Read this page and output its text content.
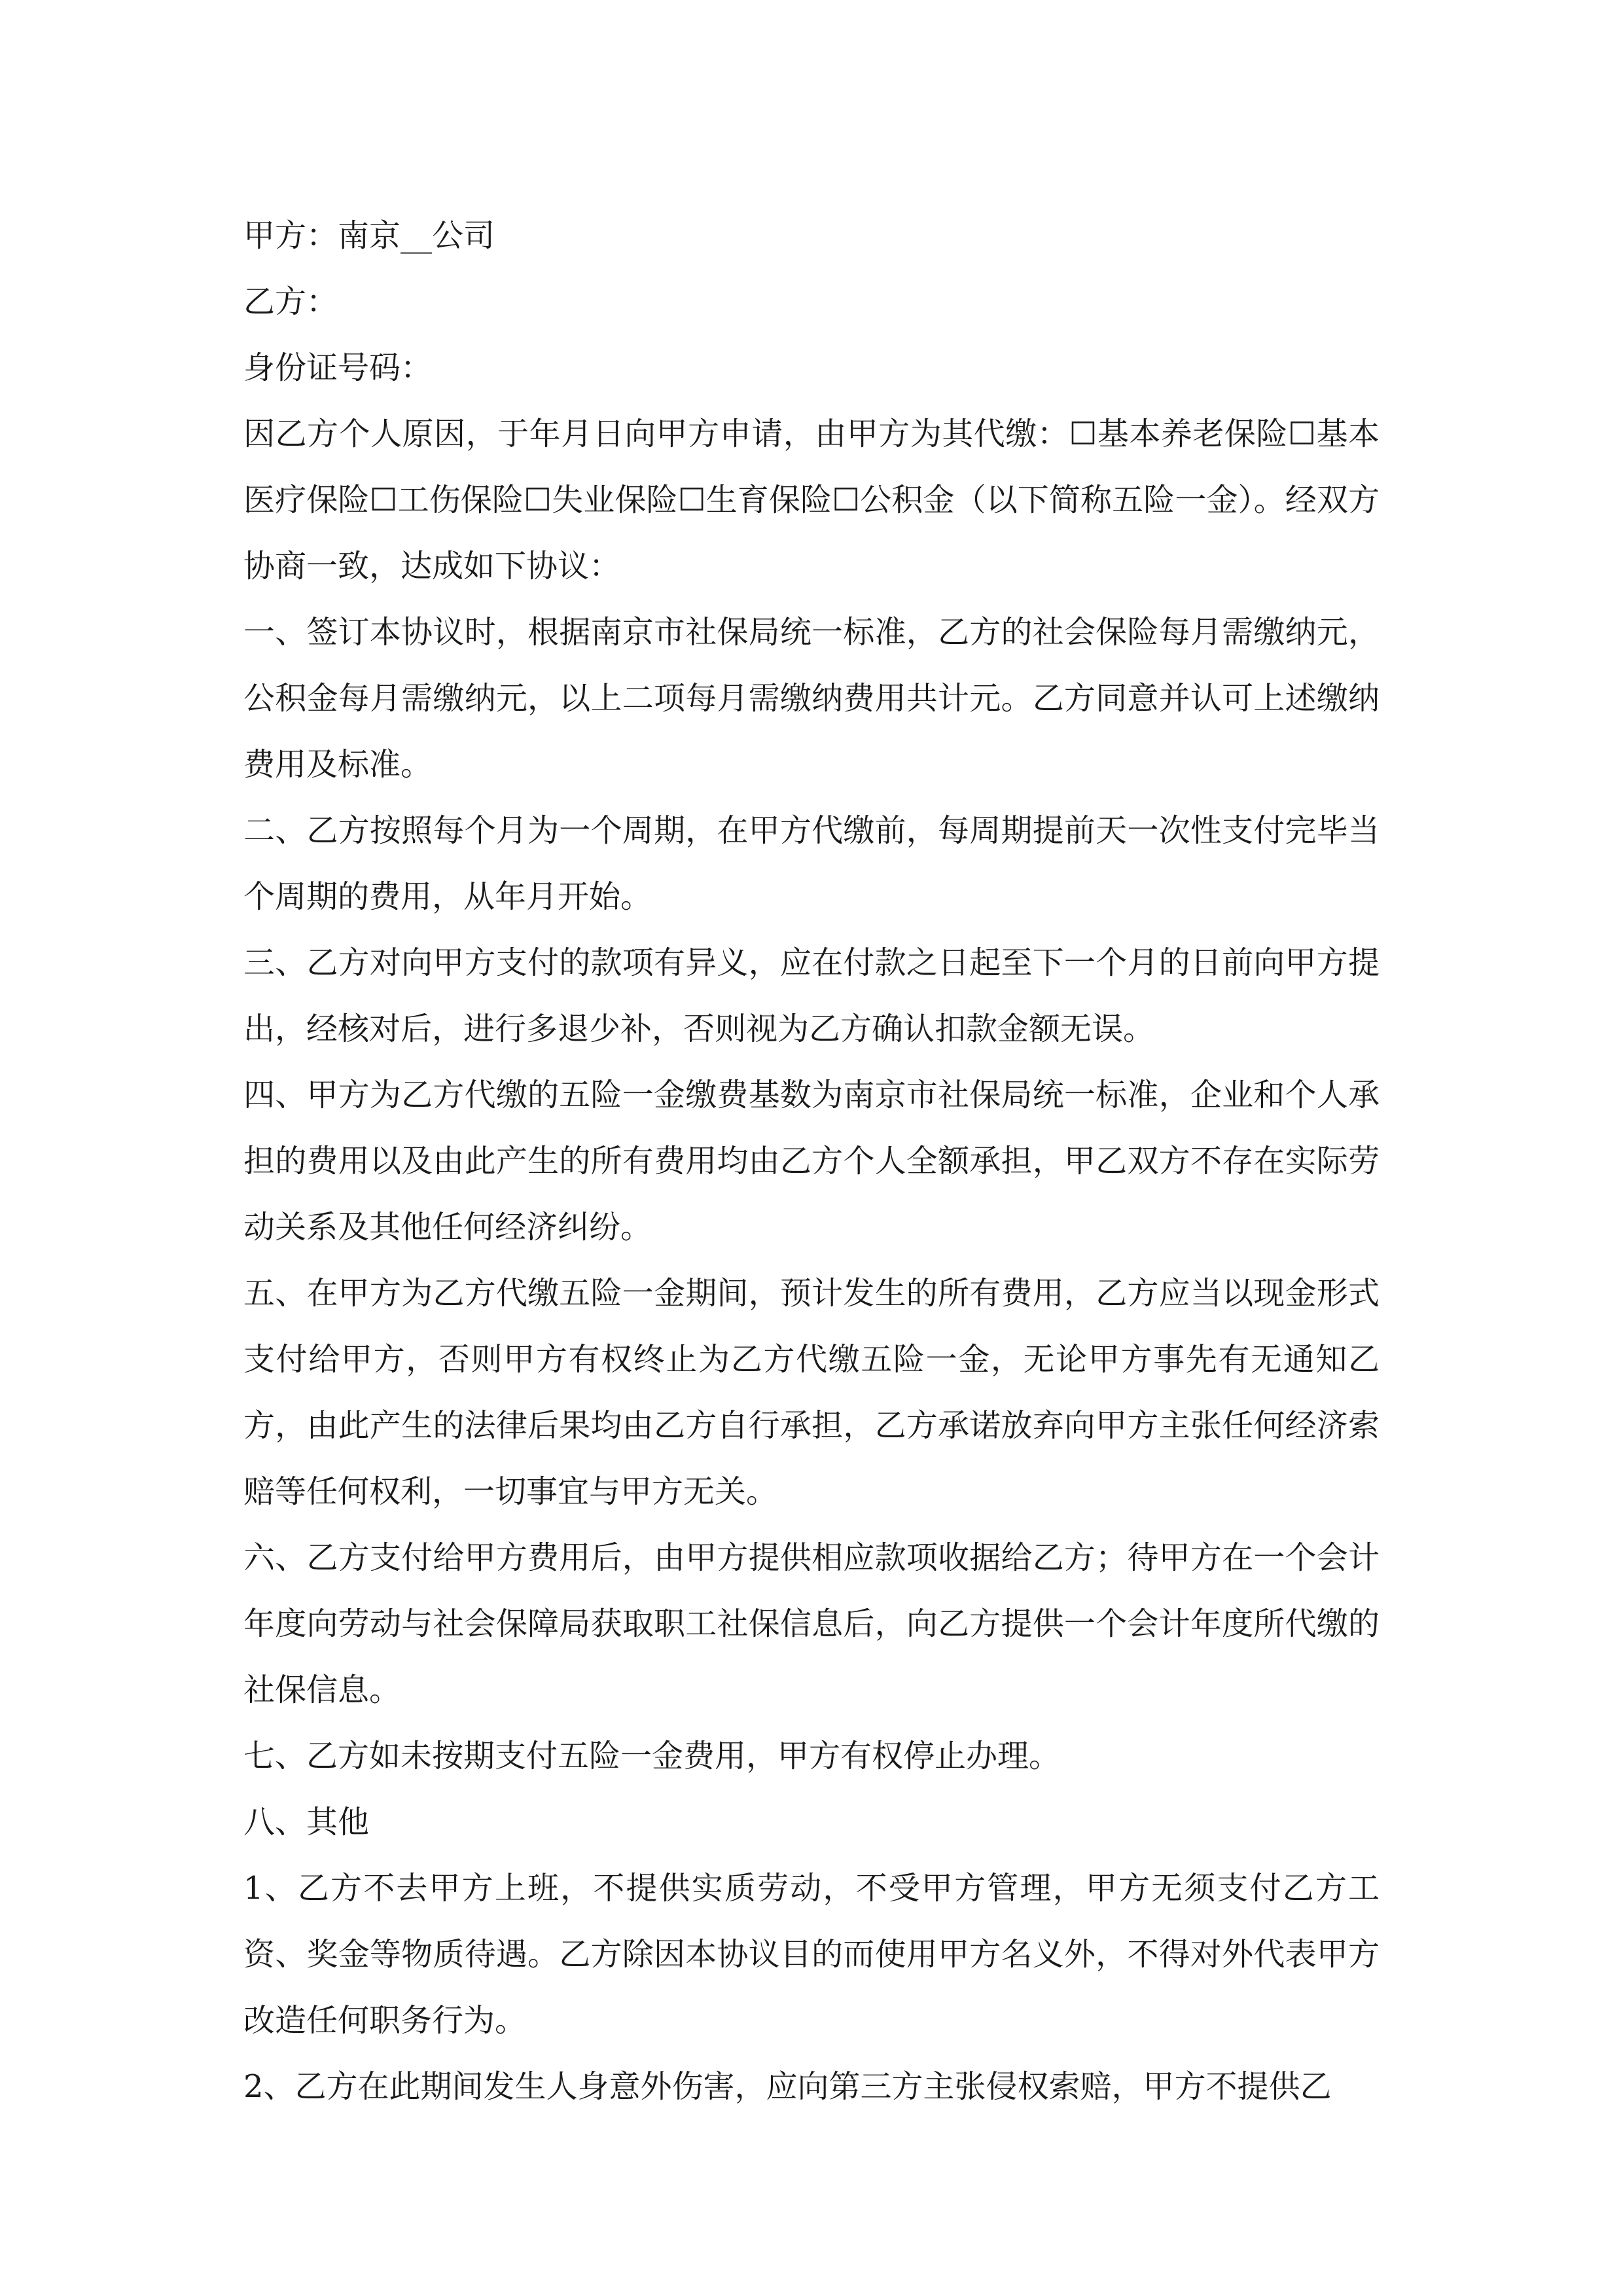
甲方：南京__公司

乙方：

身份证号码：

因乙方个人原因，于年月日向甲方申请，由甲方为其代缴：☐基本养老保险☐基本医疗保险☐工伤保险☐失业保险☐生育保险☐公积金（以下简称五险一金）。经双方协商一致，达成如下协议：

一、签订本协议时，根据南京市社保局统一标准，乙方的社会保险每月需缴纳元，公积金每月需缴纳元，以上二项每月需缴纳费用共计元。乙方同意并认可上述缴纳费用及标准。

二、乙方按照每个月为一个周期，在甲方代缴前，每周期提前天一次性支付完毕当个周期的费用，从年月开始。

三、乙方对向甲方支付的款项有异义，应在付款之日起至下一个月的日前向甲方提出，经核对后，进行多退少补，否则视为乙方确认扣款金额无误。

四、甲方为乙方代缴的五险一金缴费基数为南京市社保局统一标准，企业和个人承担的费用以及由此产生的所有费用均由乙方个人全额承担，甲乙双方不存在实际劳动关系及其他任何经济纠纷。

五、在甲方为乙方代缴五险一金期间，预计发生的所有费用，乙方应当以现金形式支付给甲方，否则甲方有权终止为乙方代缴五险一金，无论甲方事先有无通知乙方，由此产生的法律后果均由乙方自行承担，乙方承诺放弃向甲方主张任何经济索赔等任何权利，一切事宜与甲方无关。

六、乙方支付给甲方费用后，由甲方提供相应款项收据给乙方；待甲方在一个会计年度向劳动与社会保障局获取职工社保信息后，向乙方提供一个会计年度所代缴的社保信息。

七、乙方如未按期支付五险一金费用，甲方有权停止办理。

八、其他

1、乙方不去甲方上班，不提供实质劳动，不受甲方管理，甲方无须支付乙方工资、奖金等物质待遇。乙方除因本协议目的而使用甲方名义外，不得对外代表甲方改造任何职务行为。

2、乙方在此期间发生人身意外伤害，应向第三方主张侵权索赔，甲方不提供乙
